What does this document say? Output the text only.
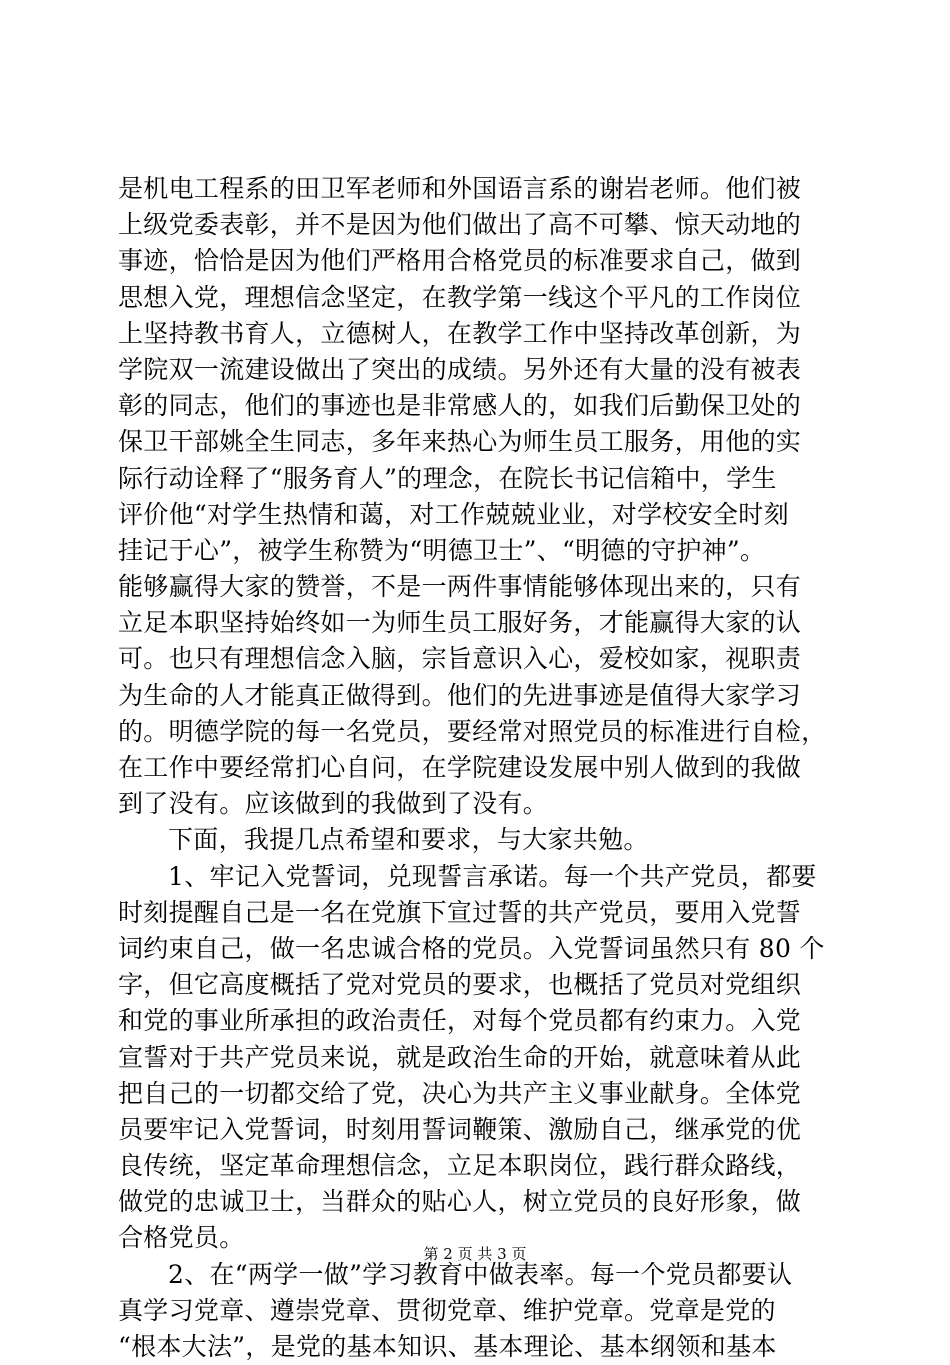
是机电工程系的田卫军老师和外国语言系的谢岩老师。他们被
上级党委表彰，并不是因为他们做出了高不可攀、惊天动地的
事迹，恰恰是因为他们严格用合格党员的标准要求自己，做到
思想入党，理想信念坚定，在教学第一线这个平凡的工作岗位
上坚持教书育人，立德树人，在教学工作中坚持改革创新，为
学院双一流建设做出了突出的成绩。另外还有大量的没有被表
彰的同志，他们的事迹也是非常感人的，如我们后勤保卫处的
保卫干部姚全生同志，多年来热心为师生员工服务，用他的实
际行动诠释了“服务育人”的理念，在院长书记信箱中，学生
评价他“对学生热情和蔼，对工作兢兢业业，对学校安全时刻
挂记于心”，被学生称赞为“明德卫士”、“明德的守护神”。
能够赢得大家的赞誉，不是一两件事情能够体现出来的，只有
立足本职坚持始终如一为师生员工服好务，才能赢得大家的认
可。也只有理想信念入脑，宗旨意识入心，爱校如家，视职责
为生命的人才能真正做得到。他们的先进事迹是值得大家学习
的。明德学院的每一名党员，要经常对照党员的标准进行自检，
在工作中要经常扪心自问，在学院建设发展中别人做到的我做
到了没有。应该做到的我做到了没有。
下面，我提几点希望和要求，与大家共勉。
1、牢记入党誓词，兑现誓言承诺。每一个共产党员，都要
时刻提醒自己是一名在党旗下宣过誓的共产党员，要用入党誓
词约束自己，做一名忠诚合格的党员。入党誓词虽然只有 80 个
字，但它高度概括了党对党员的要求，也概括了党员对党组织
和党的事业所承担的政治责任，对每个党员都有约束力。入党
宣誓对于共产党员来说，就是政治生命的开始，就意味着从此
把自己的一切都交给了党，决心为共产主义事业献身。全体党
员要牢记入党誓词，时刻用誓词鞭策、激励自己，继承党的优
良传统，坚定革命理想信念，立足本职岗位，践行群众路线，
做党的忠诚卫士，当群众的贴心人，树立党员的良好形象，做
合格党员。
2、在“两学一做”学习教育中做表率。每一个党员都要认
真学习党章、遵崇党章、贯彻党章、维护党章。党章是党的
“根本大法”，是党的基本知识、基本理论、基本纲领和基本
第 2 页 共 3 页
